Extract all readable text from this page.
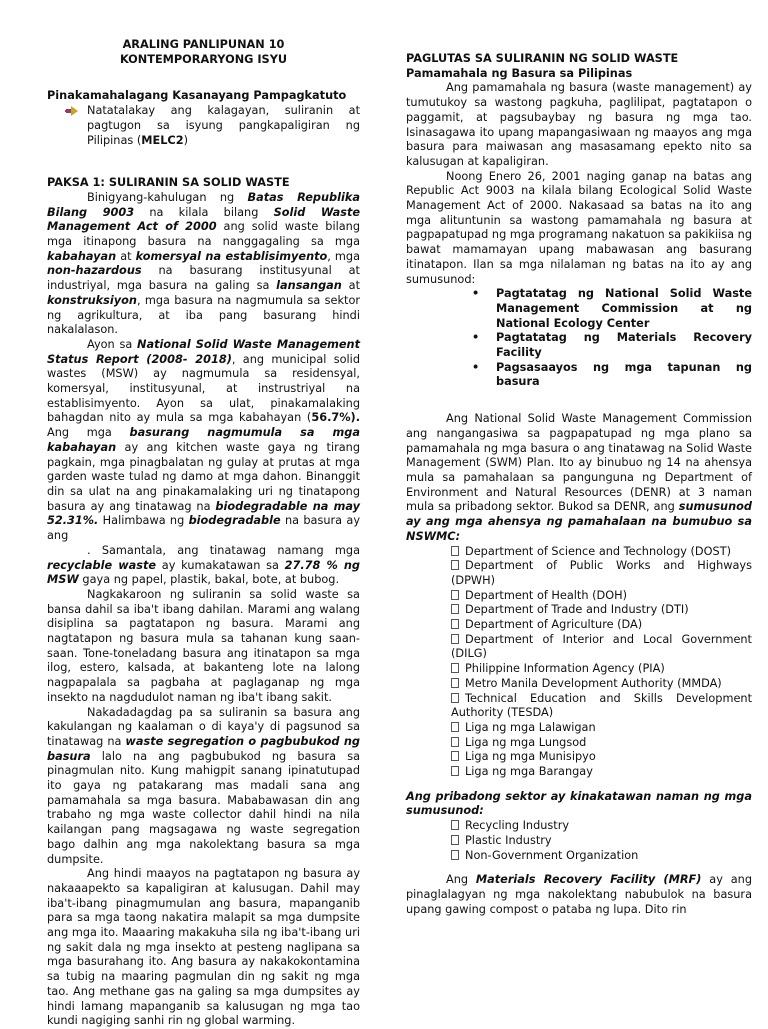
ARALING PANLIPUNAN 10

KONTEMPORARYONG ISYU

Pinakamahalagang Kasanayang Pampagkatuto

Natatalakay ang kalagayan, suliranin at pagtugon sa isyung pangkapaligiran ng Pilipinas (MELC2)

PAKSA 1: SULIRANIN SA SOLID WASTE

Binigyang-kahulugan ng Batas Republika Bilang 9003 na kilala bilang Solid Waste Management Act of 2000 ang solid waste bilang mga itinapong basura na nanggagaling sa mga kabahayan at komersyal na establisimyento, mga non-hazardous na basurang institusyunal at industriyal, mga basura na galing sa lansangan at konstruksiyon, mga basura na nagmumula sa sektor ng agrikultura, at iba pang basurang hindi nakalalason.

Ayon sa National Solid Waste Management Status Report (2008- 2018), ang municipal solid wastes (MSW) ay nagmumula sa residensyal, komersyal, institusyunal, at instrustriyal na establisimyento. Ayon sa ulat, pinakamalaking bahagdan nito ay mula sa mga kabahayan (56.7%). Ang mga basurang nagmumula sa mga kabahayan ay ang kitchen waste gaya ng tirang pagkain, mga pinagbalatan ng gulay at prutas at mga garden waste tulad ng damo at mga dahon. Binanggit din sa ulat na ang pinakamalaking uri ng tinatapong basura ay ang tinatawag na biodegradable na may 52.31%. Halimbawa ng biodegradable na basura ay ang
. Samantala, ang tinatawag namang mga recyclable waste ay kumakatawan sa 27.78 % ng MSW gaya ng papel, plastik, bakal, bote, at bubog.

Nagkakaroon ng suliranin sa solid waste sa bansa dahil sa iba't ibang dahilan. Marami ang walang disiplina sa pagtatapon ng basura. Marami ang nagtatapon ng basura mula sa tahanan kung saan-saan. Tone-toneladang basura ang itinatapon sa mga ilog, estero, kalsada, at bakanteng lote na lalong nagpapalala sa pagbaha at paglaganap ng mga insekto na nagdudulot naman ng iba't ibang sakit.

Nakadadagdag pa sa suliranin sa basura ang kakulangan ng kaalaman o di kaya'y di pagsunod sa tinatawag na waste segregation o pagbubukod ng basura lalo na ang pagbubukod ng basura sa pinagmulan nito. Kung mahigpit sanang ipinatutupad ito gaya ng patakarang mas madali sana ang pamamahala sa mga basura. Mababawasan din ang trabaho ng mga waste collector dahil hindi na nila kailangan pang magsagawa ng waste segregation bago dalhin ang mga nakolektang basura sa mga dumpsite.

Ang hindi maayos na pagtatapon ng basura ay nakaaapekto sa kapaligiran at kalusugan. Dahil may iba't-ibang pinagmumulan ang basura, mapanganib para sa mga taong nakatira malapit sa mga dumpsite ang mga ito. Maaaring makakuha sila ng iba't-ibang uri ng sakit dala ng mga insekto at pesteng naglipana sa mga basurahang ito. Ang basura ay nakakokontamina sa tubig na maaring pagmulan din ng sakit ng mga tao. Ang methane gas na galing sa mga dumpsites ay hindi lamang mapanganib sa kalusugan ng mga tao kundi nagiging sanhi rin ng global warming.

PAGLUTAS SA SULIRANIN NG SOLID WASTE

Pamamahala ng Basura sa Pilipinas

Ang pamamahala ng basura (waste management) ay tumutukoy sa wastong pagkuha, paglilipat, pagtatapon o paggamit, at pagsubaybay ng basura ng mga tao. Isinasagawa ito upang mapangasiwaan ng maayos ang mga basura para maiwasan ang masasamang epekto nito sa kalusugan at kapaligiran.

Noong Enero 26, 2001 naging ganap na batas ang Republic Act 9003 na kilala bilang Ecological Solid Waste Management Act of 2000. Nakasaad sa batas na ito ang mga alituntunin sa wastong pamamahala ng basura at pagpapatupad ng mga programang nakatuon sa pakikiisa ng bawat mamamayan upang mabawasan ang basurang itinatapon. Ilan sa mga nilalaman ng batas na ito ay ang sumusunod:

• Pagtatatag ng National Solid Waste Management Commission at ng National Ecology Center
• Pagtatatag ng Materials Recovery Facility
• Pagsasaayos ng mga tapunan ng basura

Ang National Solid Waste Management Commission ang nangangasiwa sa pagpapatupad ng mga plano sa pamamahala ng mga basura o ang tinatawag na Solid Waste Management (SWM) Plan. Ito ay binubuo ng 14 na ahensya mula sa pamahalaan sa pangunguna ng Department of Environment and Natural Resources (DENR) at 3 naman mula sa pribadong sektor. Bukod sa DENR, ang sumusunod ay ang mga ahensya ng pamahalaan na bumubuo sa NSWMC:

Department of Science and Technology (DOST)

Department of Public Works and Highways (DPWH)

Department of Health (DOH)

Department of Trade and Industry (DTI)

Department of Agriculture (DA)

Department of Interior and Local Government (DILG)

Philippine Information Agency (PIA)

Metro Manila Development Authority (MMDA)

Technical Education and Skills Development Authority (TESDA)

Liga ng mga Lalawigan

Liga ng mga Lungsod

Liga ng mga Munisipyo

Liga ng mga Barangay

Ang pribadong sektor ay kinakatawan naman ng mga sumusunod:

Recycling Industry

Plastic Industry

Non-Government Organization

Ang Materials Recovery Facility (MRF) ay ang pinaglalagyan ng mga nakolektang nabubulok na basura upang gawing compost o pataba ng lupa. Dito rin
